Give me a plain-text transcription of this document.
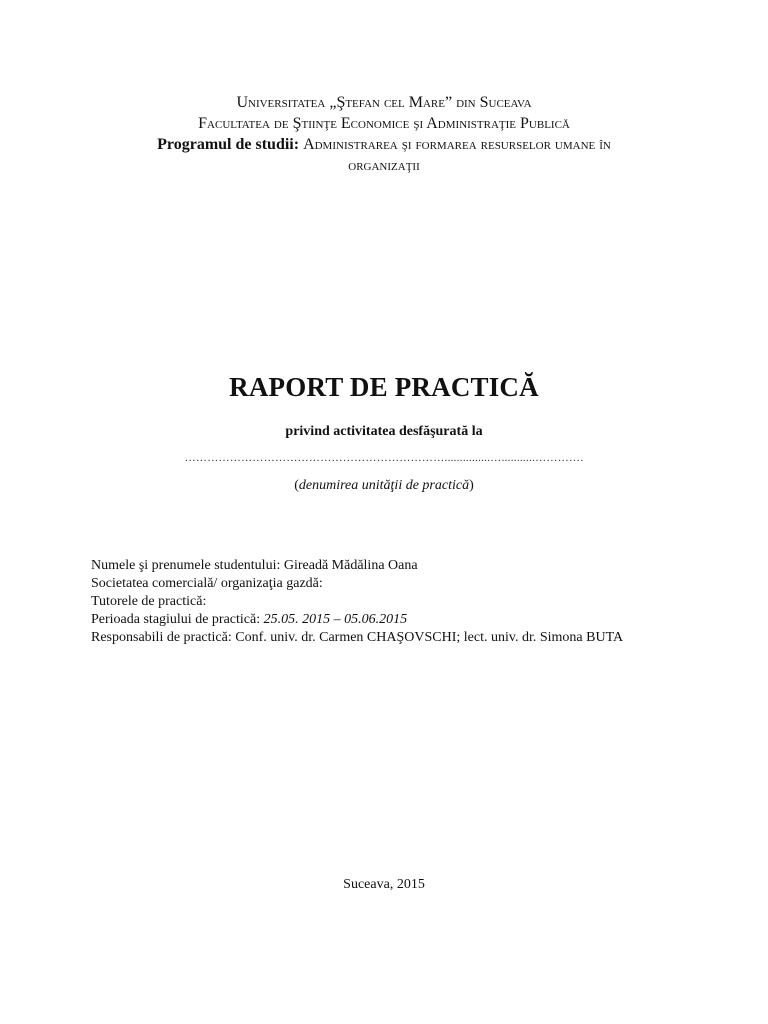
Universitatea „Ştefan cel Mare” din Suceava
Facultatea de Ştiinţe Economice şi Administraţie Publică
Programul de studii: Administrarea şi formarea resurselor umane în
organizaţii
RAPORT DE PRACTICĂ
privind activitatea desfăşurată la
……………………………………………………………...............…...........………….
(denumirea unităţii de practică)
Numele şi prenumele studentului: Gireadă Mădălina Oana
Societatea comercială/ organizaţia gazdă:
Tutorele de practică:
Perioada stagiului de practică: 25.05. 2015 – 05.06.2015
Responsabili de practică: Conf. univ. dr. Carmen CHAŞOVSCHI; lect. univ. dr. Simona BUTA
Suceava, 2015
